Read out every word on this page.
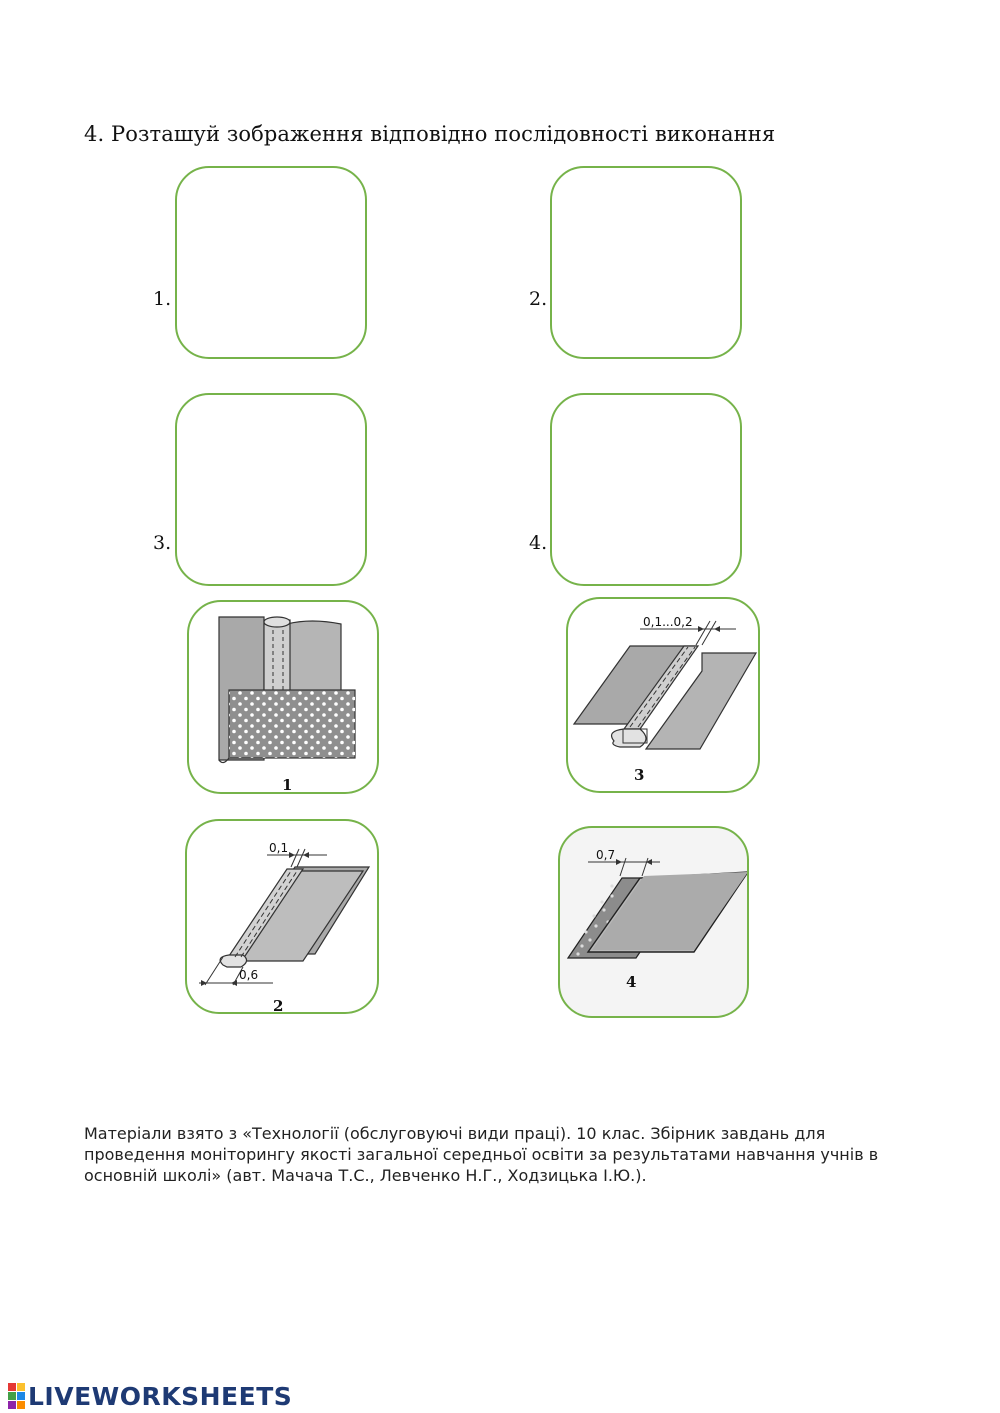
4. Розташуй зображення відповідно послідовності виконання
1.	2.
3.	4.
1
0,1...0,2
3
0,1
0,6
2
0,7
4
Матеріали взято з «Технології (обслуговуючі види праці). 10 клас. Збірник завдань для проведення моніторингу якості загальної середньої освіти за результатами навчання учнів в основній школі» (авт. Мачача Т.С., Левченко Н.Г., Ходзицька І.Ю.).
LIVEWORKSHEETS
